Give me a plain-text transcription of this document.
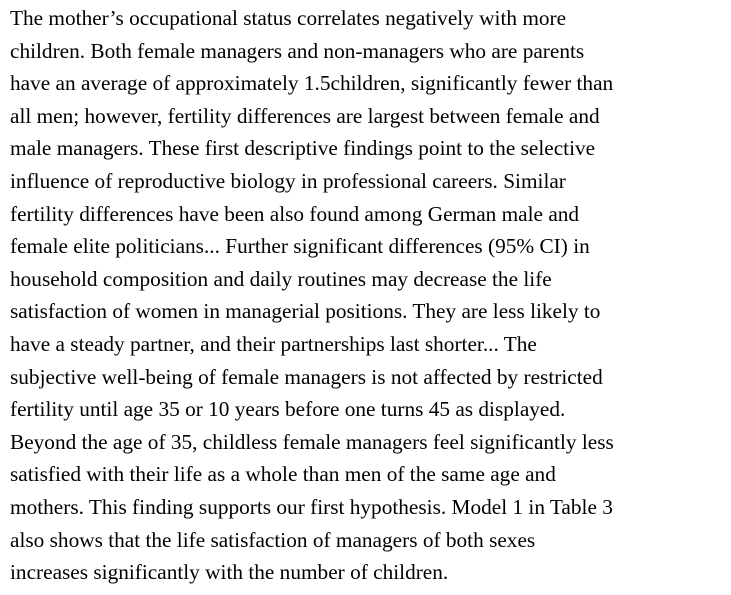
The mother’s occupational status correlates negatively with more
children. Both female managers and non-managers who are parents
have an average of approximately 1.5children, significantly fewer than
all men; however, fertility differences are largest between female and
male managers. These first descriptive findings point to the selective
influence of reproductive biology in professional careers. Similar
fertility differences have been also found among German male and
female elite politicians... Further significant differences (95% CI) in
household composition and daily routines may decrease the life
satisfaction of women in managerial positions. They are less likely to
have a steady partner, and their partnerships last shorter... The
subjective well-being of female managers is not affected by restricted
fertility until age 35 or 10 years before one turns 45 as displayed.
Beyond the age of 35, childless female managers feel significantly less
satisfied with their life as a whole than men of the same age and
mothers. This finding supports our first hypothesis. Model 1 in Table 3
also shows that the life satisfaction of managers of both sexes
increases significantly with the number of children.
